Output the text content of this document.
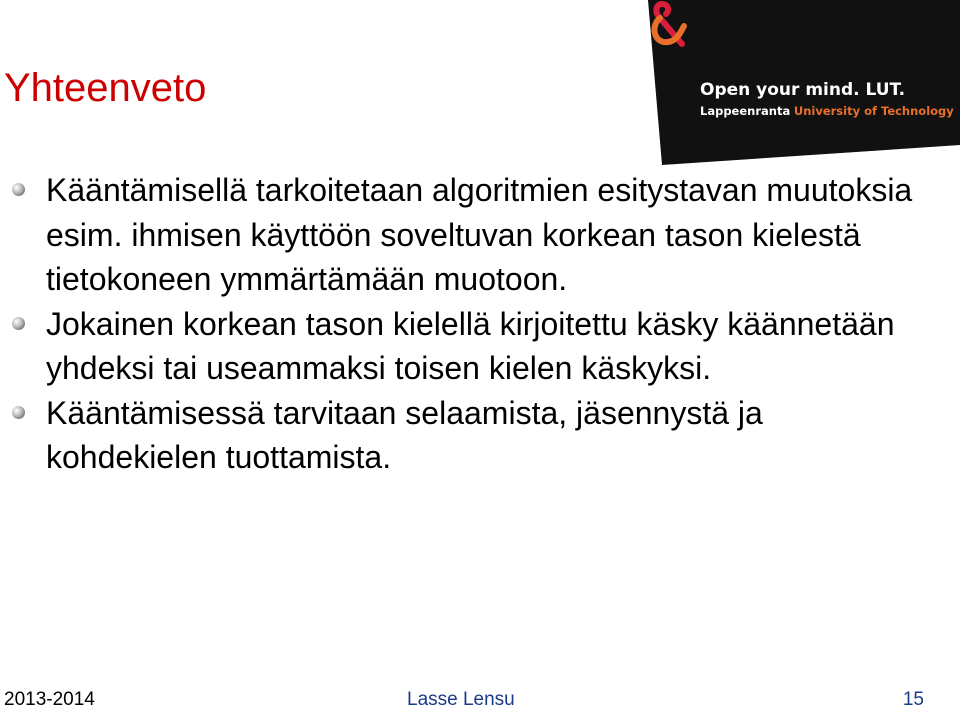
Yhteenveto	Open your mind. LUT.
Lappeenranta University of Technology
Kääntämisellä tarkoitetaan algoritmien esitystavan muutoksia esim. ihmisen käyttöön soveltuvan korkean tason kielestä tietokoneen ymmärtämään muotoon.
Jokainen korkean tason kielellä kirjoitettu käsky käännetään yhdeksi tai useammaksi toisen kielen käskyksi.
Kääntämisessä tarvitaan selaamista, jäsennystä ja kohdekielen tuottamista.
2013-2014	Lasse Lensu	15
